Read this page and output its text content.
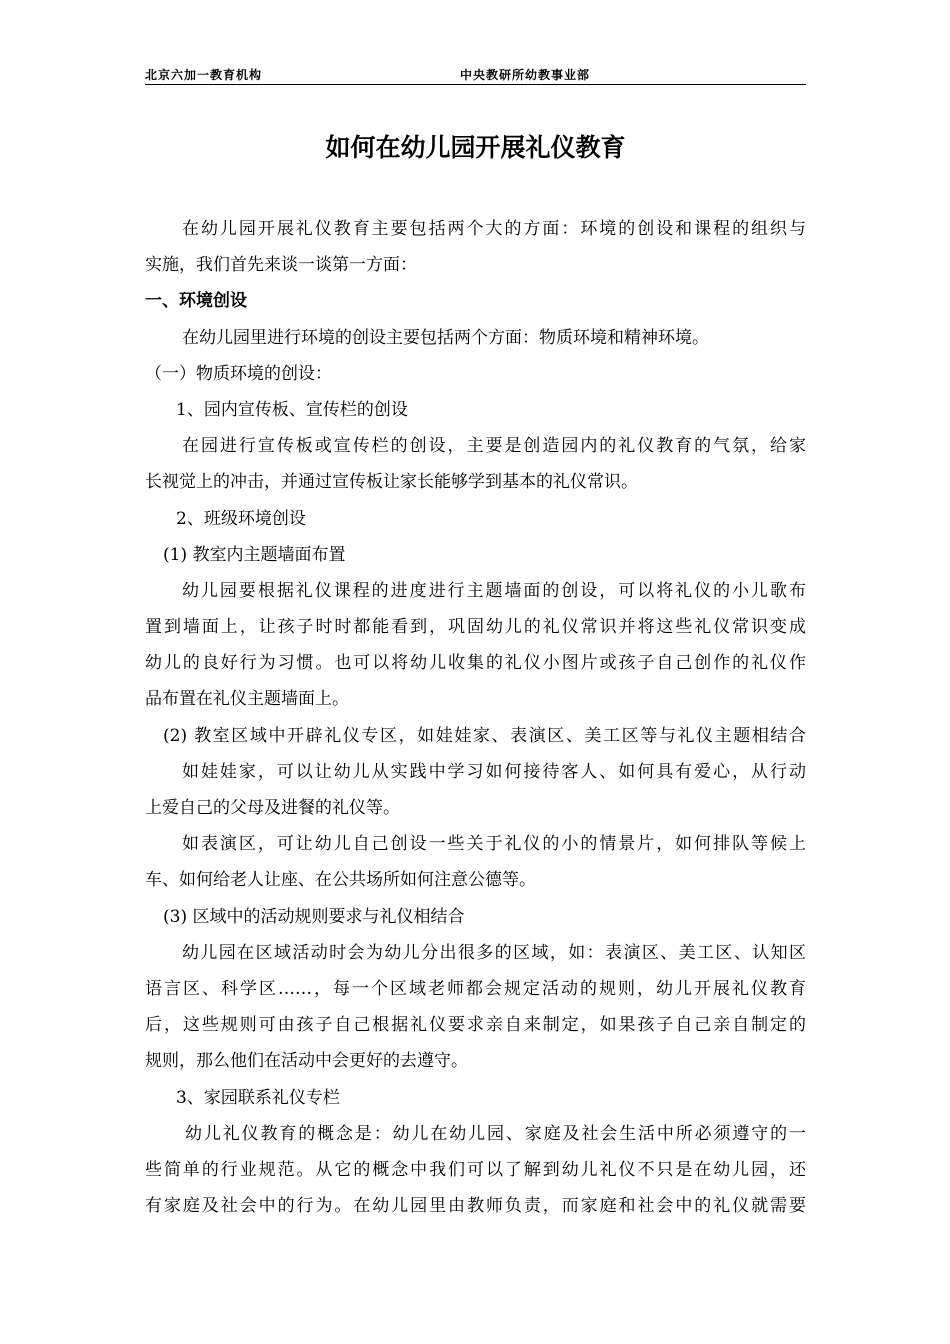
北京六加一教育机构	中央教研所幼教事业部
如何在幼儿园开展礼仪教育
在幼儿园开展礼仪教育主要包括两个大的方面：环境的创设和课程的组织与
实施，我们首先来谈一谈第一方面：
一、环境创设
在幼儿园里进行环境的创设主要包括两个方面：物质环境和精神环境。
（一）物质环境的创设：
1、园内宣传板、宣传栏的创设
在园进行宣传板或宣传栏的创设，主要是创造园内的礼仪教育的气氛，给家
长视觉上的冲击，并通过宣传板让家长能够学到基本的礼仪常识。
2、班级环境创设
(1) 教室内主题墙面布置
幼儿园要根据礼仪课程的进度进行主题墙面的创设，可以将礼仪的小儿歌布
置到墙面上，让孩子时时都能看到，巩固幼儿的礼仪常识并将这些礼仪常识变成
幼儿的良好行为习惯。也可以将幼儿收集的礼仪小图片或孩子自己创作的礼仪作
品布置在礼仪主题墙面上。
(2) 教室区域中开辟礼仪专区，如娃娃家、表演区、美工区等与礼仪主题相结合
如娃娃家，可以让幼儿从实践中学习如何接待客人、如何具有爱心，从行动
上爱自己的父母及进餐的礼仪等。
如表演区，可让幼儿自己创设一些关于礼仪的小的情景片，如何排队等候上
车、如何给老人让座、在公共场所如何注意公德等。
(3) 区域中的活动规则要求与礼仪相结合
幼儿园在区域活动时会为幼儿分出很多的区域，如：表演区、美工区、认知区
语言区、科学区……，每一个区域老师都会规定活动的规则，幼儿开展礼仪教育
后，这些规则可由孩子自己根据礼仪要求亲自来制定，如果孩子自己亲自制定的
规则，那么他们在活动中会更好的去遵守。
3、家园联系礼仪专栏
幼儿礼仪教育的概念是：幼儿在幼儿园、家庭及社会生活中所必须遵守的一
些简单的行业规范。从它的概念中我们可以了解到幼儿礼仪不只是在幼儿园，还
有家庭及社会中的行为。在幼儿园里由教师负责，而家庭和社会中的礼仪就需要
